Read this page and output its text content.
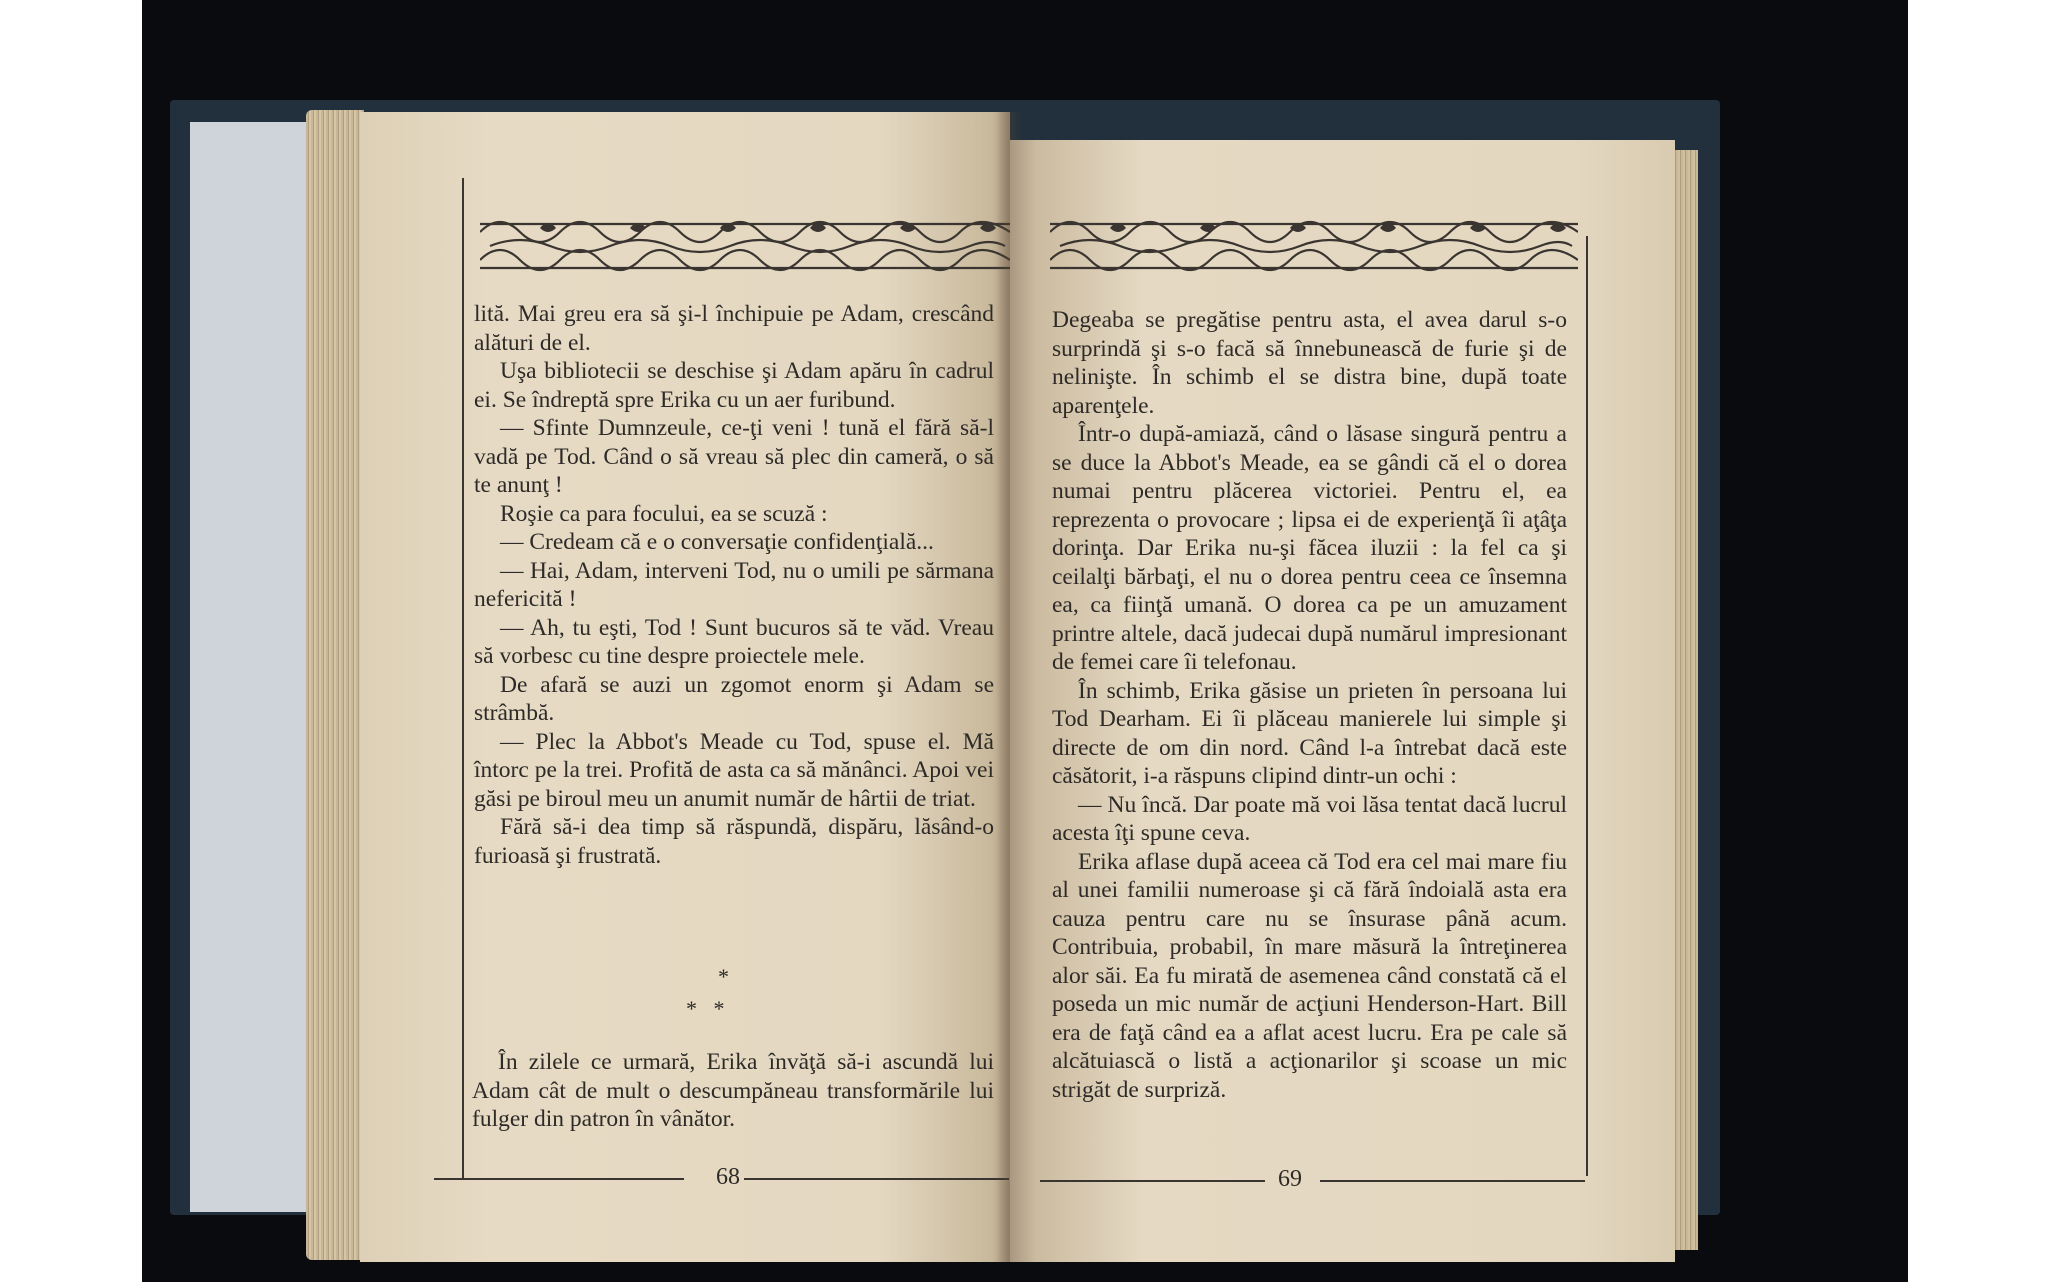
lită. Mai greu era să şi-l închipuie pe Adam, crescând alături de el.

Uşa bibliotecii se deschise şi Adam apăru în cadrul ei. Se îndreptă spre Erika cu un aer furibund.

— Sfinte Dumnzeule, ce-ţi veni ! tună el fără să-l vadă pe Tod. Când o să vreau să plec din cameră, o să te anunţ !

Roşie ca para focului, ea se scuză :

— Credeam că e o conversaţie confidenţială...

— Hai, Adam, interveni Tod, nu o umili pe sărmana nefericită !

— Ah, tu eşti, Tod ! Sunt bucuros să te văd. Vreau să vorbesc cu tine despre proiectele mele.

De afară se auzi un zgomot enorm şi Adam se strâmbă.

— Plec la Abbot's Meade cu Tod, spuse el. Mă întorc pe la trei. Profită de asta ca să mănânci. Apoi vei găsi pe biroul meu un anumit număr de hârtii de triat.

Fără să-i dea timp să răspundă, dispăru, lăsând-o furioasă şi frustrată.

*
*   *

În zilele ce urmară, Erika învăţă să-i ascundă lui Adam cât de mult o descumpăneau transformările lui fulger din patron în vânător.

68

Degeaba se pregătise pentru asta, el avea darul s-o surprindă şi s-o facă să înnebunească de furie şi de nelinişte. În schimb el se distra bine, după toate aparenţele.

Într-o după-amiază, când o lăsase singură pentru a se duce la Abbot's Meade, ea se gândi că el o dorea numai pentru plăcerea victoriei. Pentru el, ea reprezenta o provocare ; lipsa ei de experienţă îi aţâţa dorinţa. Dar Erika nu-şi făcea iluzii : la fel ca şi ceilalţi bărbaţi, el nu o dorea pentru ceea ce însemna ea, ca fiinţă umană. O dorea ca pe un amuzament printre altele, dacă judecai după numărul impresionant de femei care îi telefonau.

În schimb, Erika găsise un prieten în persoana lui Tod Dearham. Ei îi plăceau manierele lui simple şi directe de om din nord. Când l-a întrebat dacă este căsătorit, i-a răspuns clipind dintr-un ochi :

— Nu încă. Dar poate mă voi lăsa tentat dacă lucrul acesta îţi spune ceva.

Erika aflase după aceea că Tod era cel mai mare fiu al unei familii numeroase şi că fără îndoială asta era cauza pentru care nu se însurase până acum. Contribuia, probabil, în mare măsură la întreţinerea alor săi. Ea fu mirată de asemenea când constată că el poseda un mic număr de acţiuni Henderson-Hart. Bill era de faţă când ea a aflat acest lucru. Era pe cale să alcătuiască o listă a acţionarilor şi scoase un mic strigăt de surpriză.

69
